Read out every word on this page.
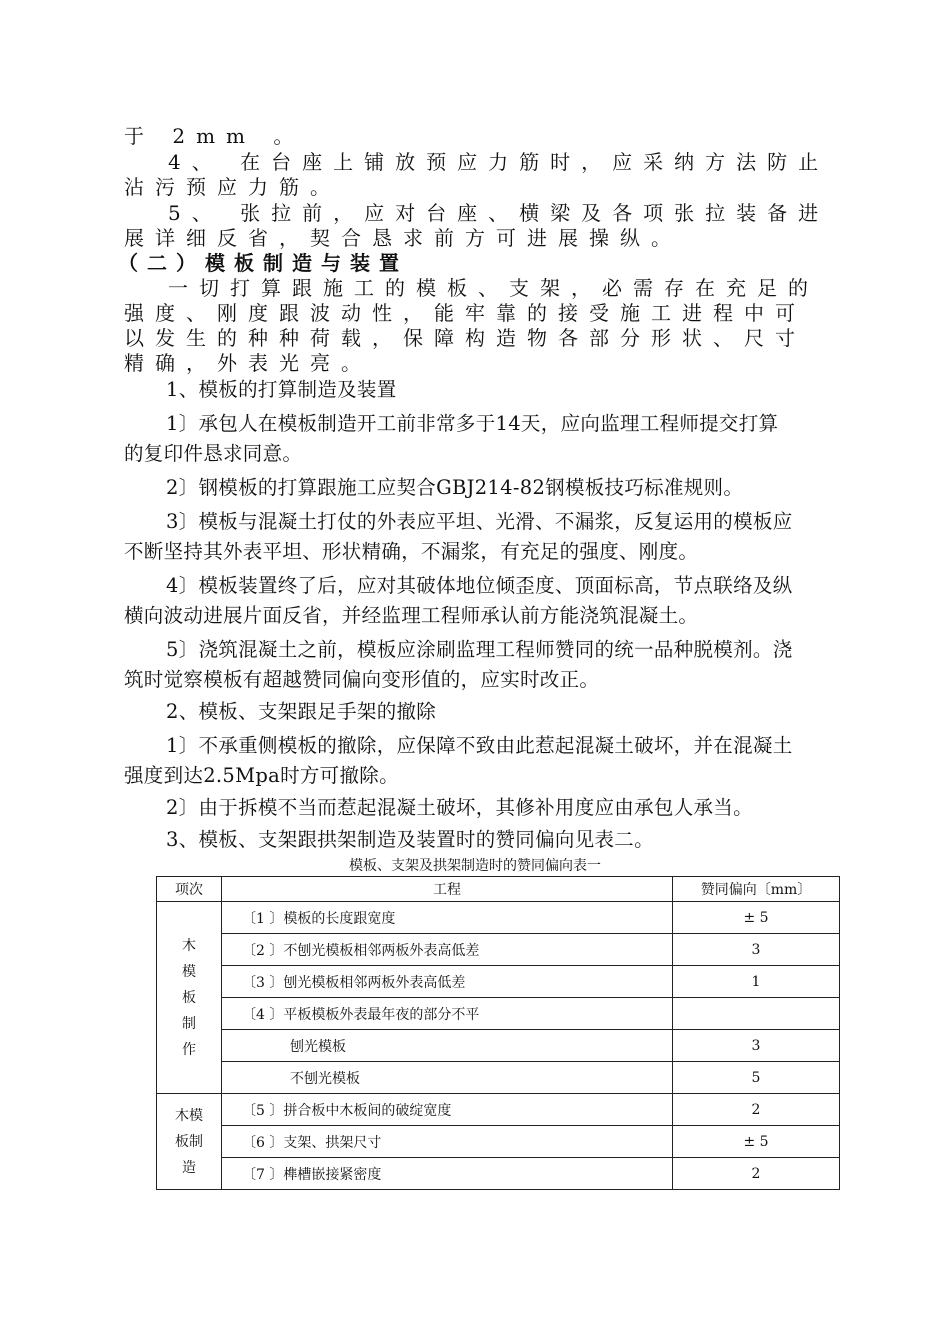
于 2mm 。
4、 在台座上铺放预应力筋时，应采纳方法防止
沾污预应力筋。
5、 张拉前，应对台座、横梁及各项张拉装备进
展详细反省，契合恳求前方可进展操纵。
（二）模板制造与装置
一切打算跟施工的模板、支架，必需存在充足的
强度、刚度跟波动性，能牢靠的接受施工进程中可
以发生的种种荷载，保障构造物各部分形状、尺寸
精确，外表光亮。
1、模板的打算制造及装置
1〕承包人在模板制造开工前非常多于14天，应向监理工程师提交打算
的复印件恳求同意。
2〕钢模板的打算跟施工应契合GBJ214-82钢模板技巧标准规则。
3〕模板与混凝土打仗的外表应平坦、光滑、不漏浆，反复运用的模板应
不断坚持其外表平坦、形状精确，不漏浆，有充足的强度、刚度。
4〕模板装置终了后，应对其破体地位倾歪度、顶面标高，节点联络及纵
横向波动进展片面反省，并经监理工程师承认前方能浇筑混凝土。
5〕浇筑混凝土之前，模板应涂刷监理工程师赞同的统一品种脱模剂。浇
筑时觉察模板有超越赞同偏向变形值的，应实时改正。
2、模板、支架跟足手架的撤除
1〕不承重侧模板的撤除，应保障不致由此惹起混凝土破坏，并在混凝土
强度到达2.5Mpa时方可撤除。
2〕由于拆模不当而惹起混凝土破坏，其修补用度应由承包人承当。
3、模板、支架跟拱架制造及装置时的赞同偏向见表二。
模板、支架及拱架制造时的赞同偏向表一
项次	工程	赞同偏向〔mm〕

木模板制作	〔1 〕模板的长度跟宽度	± 5
	〔2 〕不刨光模板相邻两板外表高低差	3
	〔3 〕刨光模板相邻两板外表高低差	1
	〔4 〕平板模板外表最年夜的部分不平	
	刨光模板	3
	不刨光模板	5

木模板制造	〔5 〕拼合板中木板间的破绽宽度	2
	〔6 〕支架、拱架尺寸	± 5
	〔7 〕榫槽嵌接紧密度	2
